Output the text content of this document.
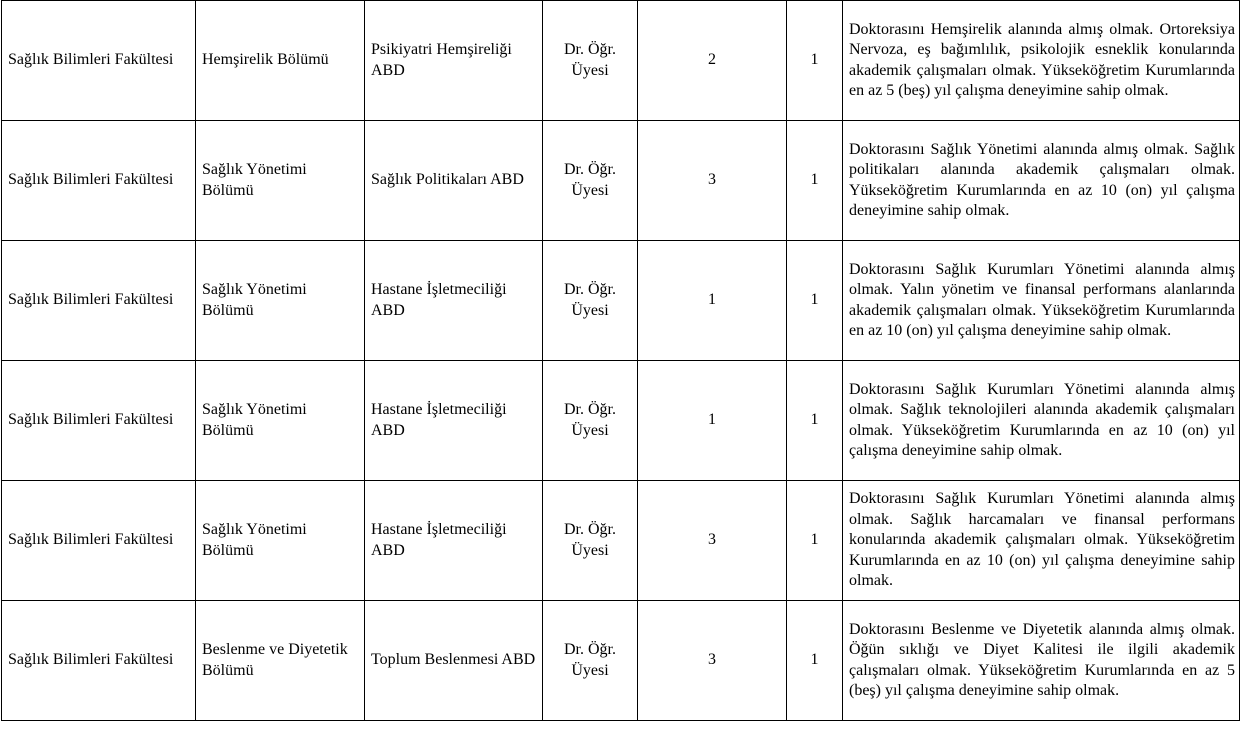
Sağlık Bilimleri Fakültesi	Hemşirelik Bölümü	Psikiyatri Hemşireliği ABD	Dr. Öğr. Üyesi	2	1	Doktorasını Hemşirelik alanında almış olmak. Ortoreksiya Nervoza, eş bağımlılık, psikolojik esneklik konularında akademik çalışmaları olmak. Yükseköğretim Kurumlarında en az 5 (beş) yıl çalışma deneyimine sahip olmak.
Sağlık Bilimleri Fakültesi	Sağlık Yönetimi Bölümü	Sağlık Politikaları ABD	Dr. Öğr. Üyesi	3	1	Doktorasını Sağlık Yönetimi alanında almış olmak. Sağlık politikaları alanında akademik çalışmaları olmak. Yükseköğretim Kurumlarında en az 10 (on) yıl çalışma deneyimine sahip olmak.
Sağlık Bilimleri Fakültesi	Sağlık Yönetimi Bölümü	Hastane İşletmeciliği ABD	Dr. Öğr. Üyesi	1	1	Doktorasını Sağlık Kurumları Yönetimi alanında almış olmak. Yalın yönetim ve finansal performans alanlarında akademik çalışmaları olmak. Yükseköğretim Kurumlarında en az 10 (on) yıl çalışma deneyimine sahip olmak.
Sağlık Bilimleri Fakültesi	Sağlık Yönetimi Bölümü	Hastane İşletmeciliği ABD	Dr. Öğr. Üyesi	1	1	Doktorasını Sağlık Kurumları Yönetimi alanında almış olmak. Sağlık teknolojileri alanında akademik çalışmaları olmak. Yükseköğretim Kurumlarında en az 10 (on) yıl çalışma deneyimine sahip olmak.
Sağlık Bilimleri Fakültesi	Sağlık Yönetimi Bölümü	Hastane İşletmeciliği ABD	Dr. Öğr. Üyesi	3	1	Doktorasını Sağlık Kurumları Yönetimi alanında almış olmak. Sağlık harcamaları ve finansal performans konularında akademik çalışmaları olmak. Yükseköğretim Kurumlarında en az 10 (on) yıl çalışma deneyimine sahip olmak.
Sağlık Bilimleri Fakültesi	Beslenme ve Diyetetik Bölümü	Toplum Beslenmesi ABD	Dr. Öğr. Üyesi	3	1	Doktorasını Beslenme ve Diyetetik alanında almış olmak. Öğün sıklığı ve Diyet Kalitesi ile ilgili akademik çalışmaları olmak. Yükseköğretim Kurumlarında en az 5 (beş) yıl çalışma deneyimine sahip olmak.
